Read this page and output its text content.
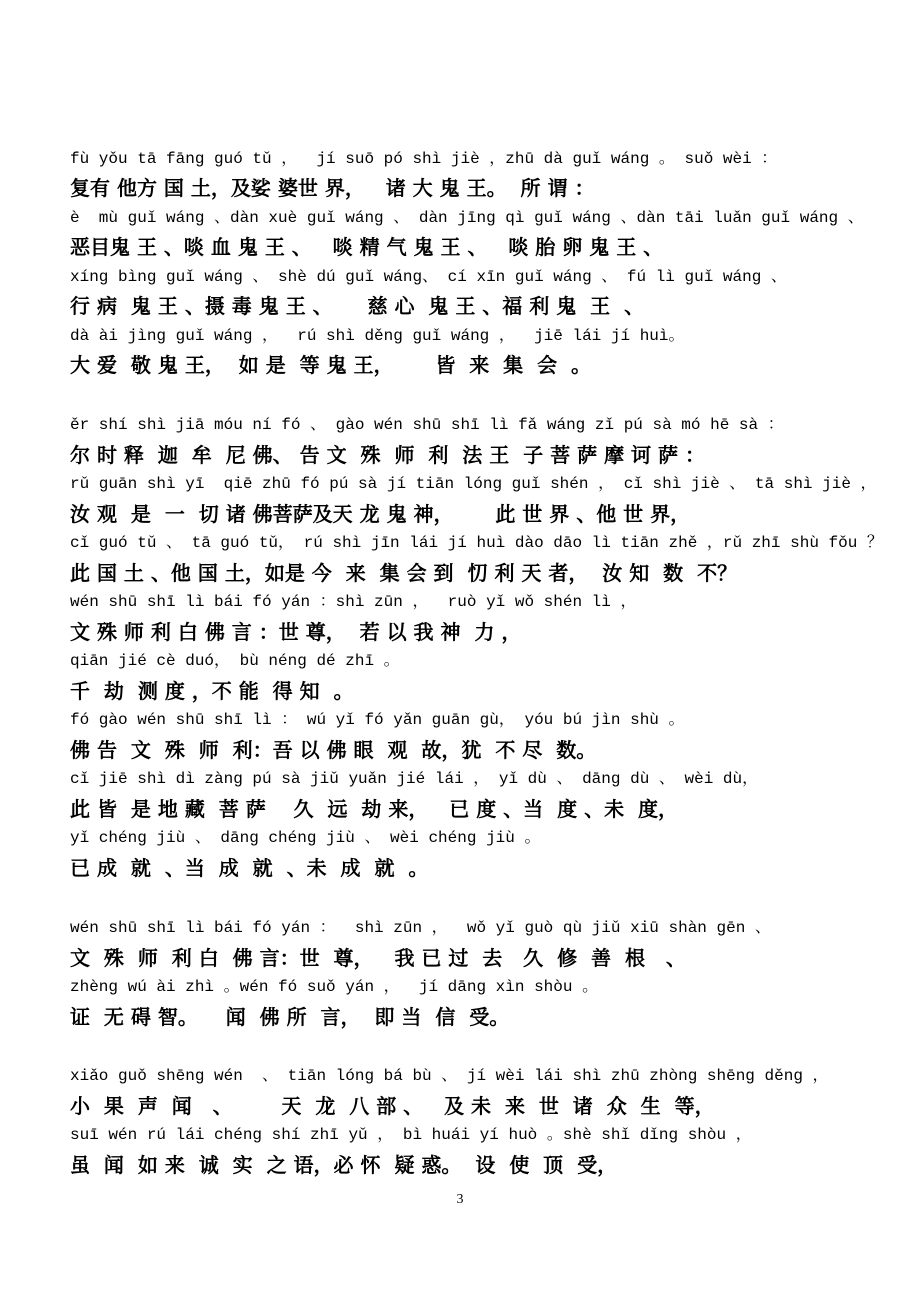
fù yǒu tā fāng guó tǔ ，  jí suō pó shì jiè ，zhū dà guǐ wáng 。 suǒ wèi ：
复有 他方 国 土，及娑 婆世 界，   诸 大 鬼 王。  所 谓 ：
è  mù guǐ wáng 、dàn xuè guǐ wáng 、 dàn jīng qì guǐ wáng 、dàn tāi luǎn guǐ wáng 、
恶目鬼 王 、啖 血 鬼 王 、   啖 精 气 鬼 王 、   啖 胎 卵 鬼 王 、
xíng bìng guǐ wáng 、 shè dú guǐ wáng、 cí xīn guǐ wáng 、 fú lì guǐ wáng 、
行 病  鬼 王 、摄 毒 鬼 王 、     慈 心  鬼 王 、福 利 鬼  王  、
dà ài jìng guǐ wáng ，  rú shì děng guǐ wáng ，  jiē lái jí huì。
大 爱  敬 鬼 王，  如 是  等 鬼 王，      皆  来  集  会  。
ěr shí shì jiā móu ní fó 、 gào wén shū shī lì fǎ wáng zǐ pú sà mó hē sà ：
尔 时 释  迦  牟  尼 佛、 告 文  殊  师  利  法 王  子 菩 萨 摩 诃 萨 ：
rǔ guān shì yī  qiē zhū fó pú sà jí tiān lóng guǐ shén ， cǐ shì jiè 、 tā shì jiè ，
汝 观  是  一  切 诸 佛菩萨及天 龙 鬼 神，      此 世 界 、他 世 界，
cǐ guó tǔ 、 tā guó tǔ， rú shì jīn lái jí huì dào dāo lì tiān zhě ，rǔ zhī shù fǒu ？
此 国 土 、他 国 土，如是 今  来  集 会 到  忉 利 天 者，  汝 知  数  不？
wén shū shī lì bái fó yán ：shì zūn ，  ruò yǐ wǒ shén lì ，
文 殊 师 利 白 佛 言 ：世 尊，  若 以 我 神  力 ，
qiān jié cè duó， bù néng dé zhī 。
千  劫  测 度 ，不 能  得 知  。
fó gào wén shū shī lì ： wú yǐ fó yǎn guān gù， yóu bú jìn shù 。
佛 告  文  殊  师  利：吾 以 佛 眼  观  故，犹  不 尽  数。
cǐ jiē shì dì zàng pú sà jiǔ yuǎn jié lái ， yǐ dù 、 dāng dù 、 wèi dù，
此 皆  是 地 藏  菩 萨    久  远  劫 来，   已 度 、当  度 、未  度，
yǐ chéng jiù 、 dāng chéng jiù 、 wèi chéng jiù 。
已 成  就  、当  成  就  、未  成  就  。
wén shū shī lì bái fó yán ：  shì zūn ，  wǒ yǐ guò qù jiǔ xiū shàn gēn 、
文  殊  师  利 白  佛 言：世  尊，   我 已 过  去   久  修  善  根   、
zhèng wú ài zhì 。wén fó suǒ yán ，  jí dāng xìn shòu 。
证  无 碍 智。    闻  佛 所  言，  即 当  信  受。
xiǎo guǒ shēng wén  、 tiān lóng bá bù 、 jí wèi lái shì zhū zhòng shēng děng ，
小  果  声  闻   、       天  龙  八 部 、   及 未  来  世  诸  众  生  等，
suī wén rú lái chéng shí zhī yǔ ， bì huái yí huò 。shè shǐ dǐng shòu ，
虽  闻  如 来  诚  实  之 语，必 怀  疑 惑。  设  使  顶  受，
3
